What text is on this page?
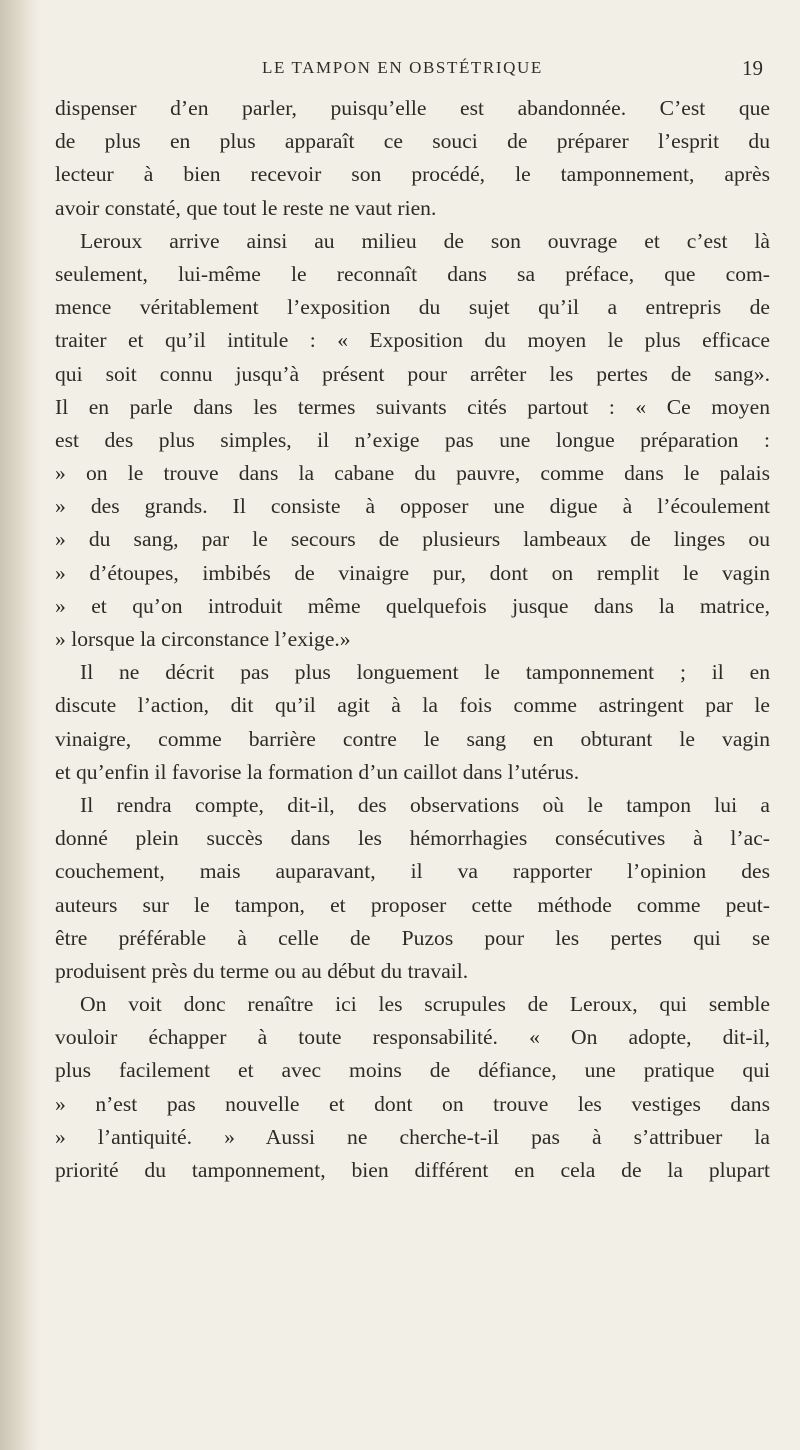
LE TAMPON EN OBSTÉTRIQUE	19
dispenser d’en parler, puisqu’elle est abandonnée. C’est que
de plus en plus apparaît ce souci de préparer l’esprit du
lecteur à bien recevoir son procédé, le tamponnement, après
avoir constaté, que tout le reste ne vaut rien.
Leroux arrive ainsi au milieu de son ouvrage et c’est là
seulement, lui-même le reconnaît dans sa préface, que com-
mence véritablement l’exposition du sujet qu’il a entrepris de
traiter et qu’il intitule : « Exposition du moyen le plus efficace
qui soit connu jusqu’à présent pour arrêter les pertes de sang».
Il en parle dans les termes suivants cités partout : « Ce moyen
est des plus simples, il n’exige pas une longue préparation :
» on le trouve dans la cabane du pauvre, comme dans le palais
» des grands. Il consiste à opposer une digue à l’écoulement
» du sang, par le secours de plusieurs lambeaux de linges ou
» d’étoupes, imbibés de vinaigre pur, dont on remplit le vagin
» et qu’on introduit même quelquefois jusque dans la matrice,
» lorsque la circonstance l’exige.»
Il ne décrit pas plus longuement le tamponnement ; il en
discute l’action, dit qu’il agit à la fois comme astringent par le
vinaigre, comme barrière contre le sang en obturant le vagin
et qu’enfin il favorise la formation d’un caillot dans l’utérus.
Il rendra compte, dit-il, des observations où le tampon lui a
donné plein succès dans les hémorrhagies consécutives à l’ac-
couchement, mais auparavant, il va rapporter l’opinion des
auteurs sur le tampon, et proposer cette méthode comme peut-
être préférable à celle de Puzos pour les pertes qui se
produisent près du terme ou au début du travail.
On voit donc renaître ici les scrupules de Leroux, qui semble
vouloir échapper à toute responsabilité. « On adopte, dit-il,
plus facilement et avec moins de défiance, une pratique qui
» n’est pas nouvelle et dont on trouve les vestiges dans
» l’antiquité. » Aussi ne cherche-t-il pas à s’attribuer la
priorité du tamponnement, bien différent en cela de la plupart
